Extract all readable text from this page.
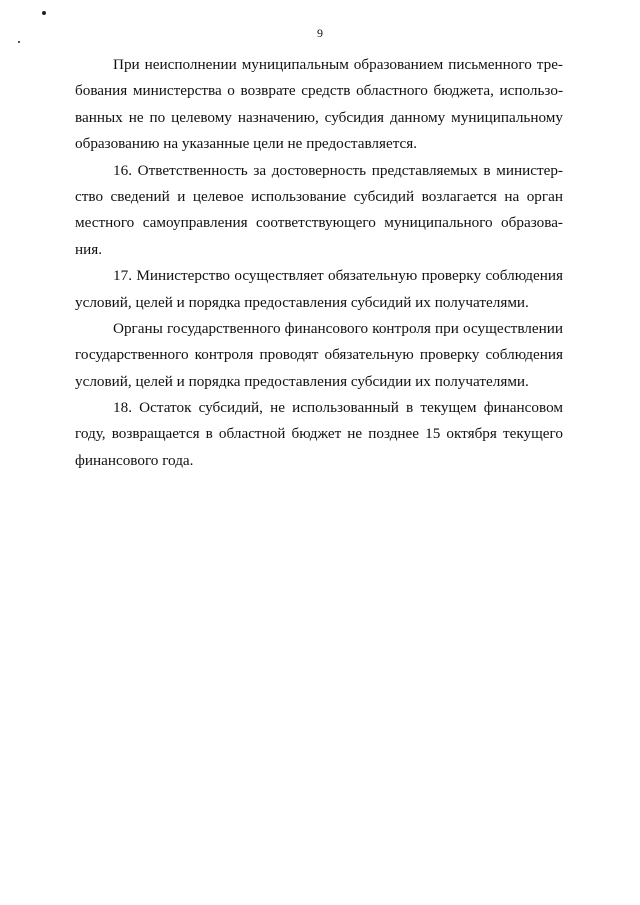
9
При неисполнении муниципальным образованием письменного тре-
бования министерства о возврате средств областного бюджета, использо-
ванных не по целевому назначению, субсидия данному муниципальному
образованию на указанные цели не предоставляется.
16. Ответственность за достоверность представляемых в министер-
ство сведений и целевое использование субсидий возлагается на орган
местного самоуправления соответствующего муниципального образова-
ния.
17. Министерство осуществляет обязательную проверку соблюдения
условий, целей и порядка предоставления субсидий их получателями.
Органы государственного финансового контроля при осуществлении
государственного контроля проводят обязательную проверку соблюдения
условий, целей и порядка предоставления субсидии их получателями.
18. Остаток субсидий, не использованный в текущем финансовом
году, возвращается в областной бюджет не позднее 15 октября текущего
финансового года.
